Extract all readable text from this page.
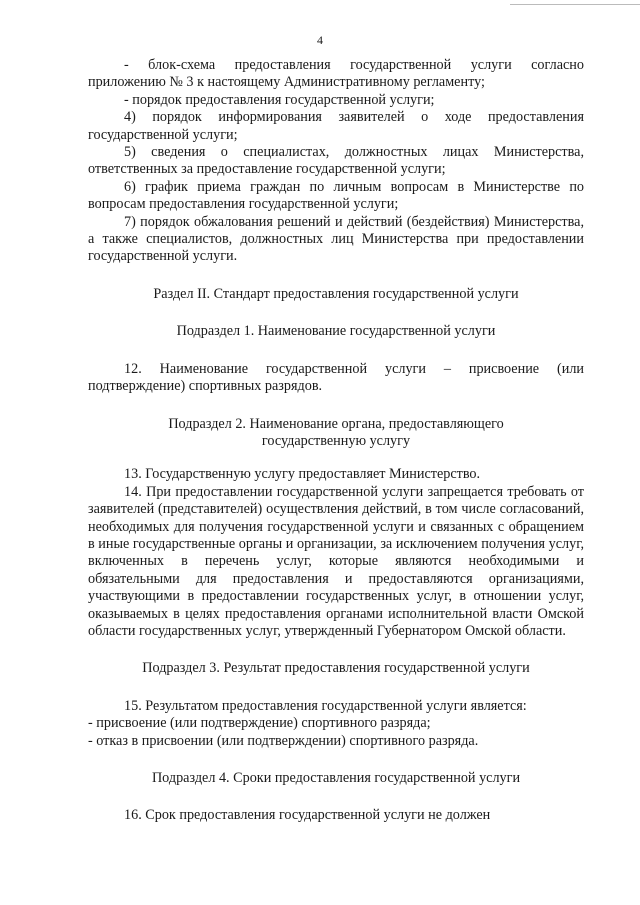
4

- блок-схема предоставления государственной услуги согласно приложению № 3 к настоящему Административному регламенту;

- порядок предоставления государственной услуги;

4) порядок информирования заявителей о ходе предоставления государственной услуги;

5) сведения о специалистах, должностных лицах Министерства, ответственных за предоставление государственной услуги;

6) график приема граждан по личным вопросам в Министерстве по вопросам предоставления государственной услуги;

7) порядок обжалования решений и действий (бездействия) Министерства, а также специалистов, должностных лиц Министерства при предоставлении государственной услуги.

Раздел II. Стандарт предоставления государственной услуги

Подраздел 1. Наименование государственной услуги

12. Наименование государственной услуги – присвоение (или подтверждение) спортивных разрядов.

Подраздел 2. Наименование органа, предоставляющего

государственную услугу

13. Государственную услугу предоставляет Министерство.

14. При предоставлении государственной услуги запрещается требовать от заявителей (представителей) осуществления действий, в том числе согласований, необходимых для получения государственной услуги и связанных с обращением в иные государственные органы и организации, за исключением получения услуг, включенных в перечень услуг, которые являются необходимыми и обязательными для предоставления и предоставляются организациями, участвующими в предоставлении государственных услуг, в отношении услуг, оказываемых в целях предоставления органами исполнительной власти Омской области государственных услуг, утвержденный Губернатором Омской области.

Подраздел 3. Результат предоставления государственной услуги

15. Результатом предоставления государственной услуги является:

- присвоение (или подтверждение) спортивного разряда;

- отказ в присвоении (или подтверждении) спортивного разряда.

Подраздел 4. Сроки предоставления государственной услуги

16. Срок предоставления государственной услуги не должен
